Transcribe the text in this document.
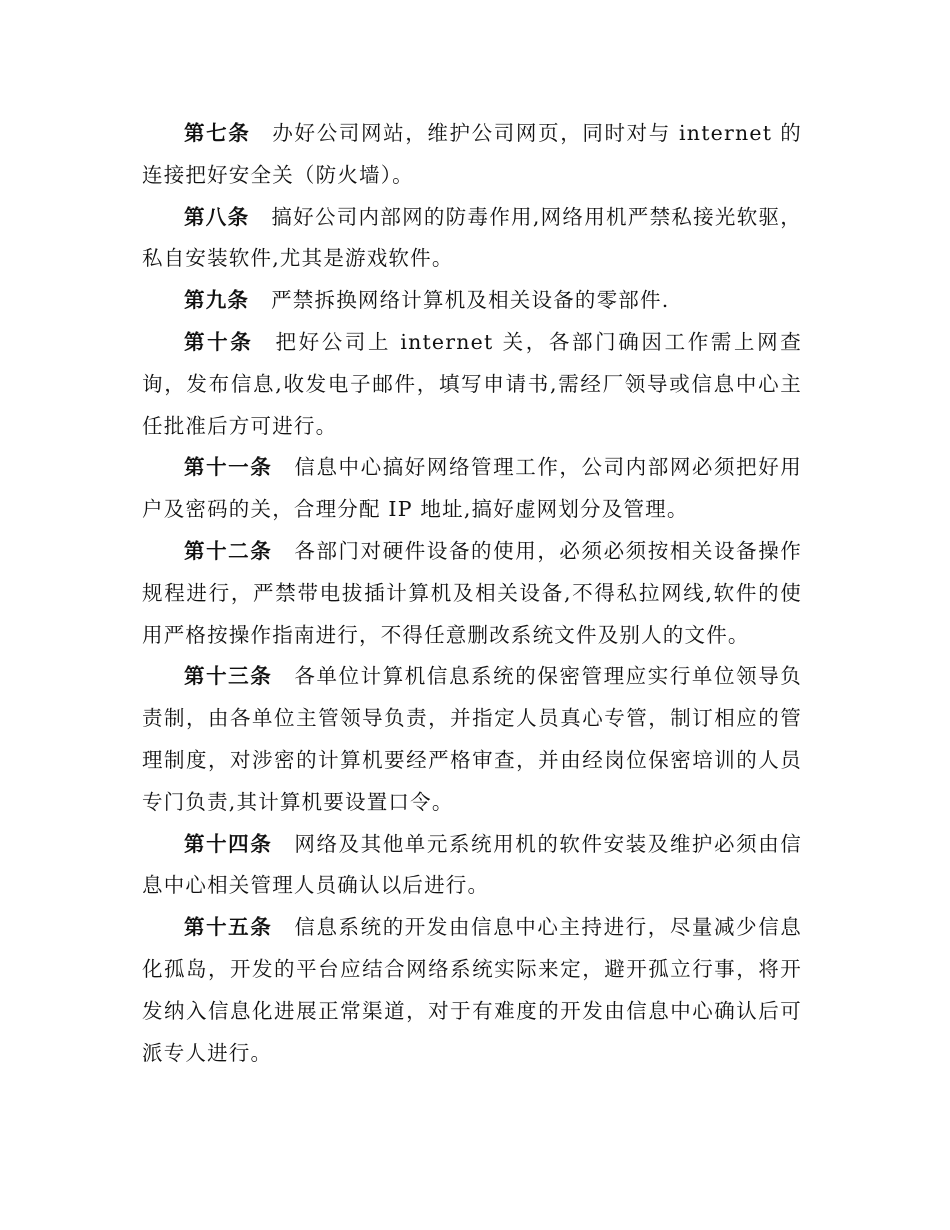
第七条 办好公司网站，维护公司网页，同时对与 internet 的连接把好安全关（防火墙）。

第八条 搞好公司内部网的防毒作用,网络用机严禁私接光软驱，私自安装软件,尤其是游戏软件。

第九条 严禁拆换网络计算机及相关设备的零部件.

第十条 把好公司上 internet 关，各部门确因工作需上网查询，发布信息,收发电子邮件，填写申请书,需经厂领导或信息中心主任批准后方可进行。

第十一条 信息中心搞好网络管理工作，公司内部网必须把好用户及密码的关，合理分配 IP 地址,搞好虚网划分及管理。

第十二条 各部门对硬件设备的使用，必须必须按相关设备操作规程进行，严禁带电拔插计算机及相关设备,不得私拉网线,软件的使用严格按操作指南进行，不得任意删改系统文件及别人的文件。

第十三条 各单位计算机信息系统的保密管理应实行单位领导负责制，由各单位主管领导负责，并指定人员真心专管，制订相应的管理制度，对涉密的计算机要经严格审查，并由经岗位保密培训的人员专门负责,其计算机要设置口令。

第十四条 网络及其他单元系统用机的软件安装及维护必须由信息中心相关管理人员确认以后进行。

第十五条 信息系统的开发由信息中心主持进行，尽量减少信息化孤岛，开发的平台应结合网络系统实际来定，避开孤立行事，将开发纳入信息化进展正常渠道，对于有难度的开发由信息中心确认后可派专人进行。
